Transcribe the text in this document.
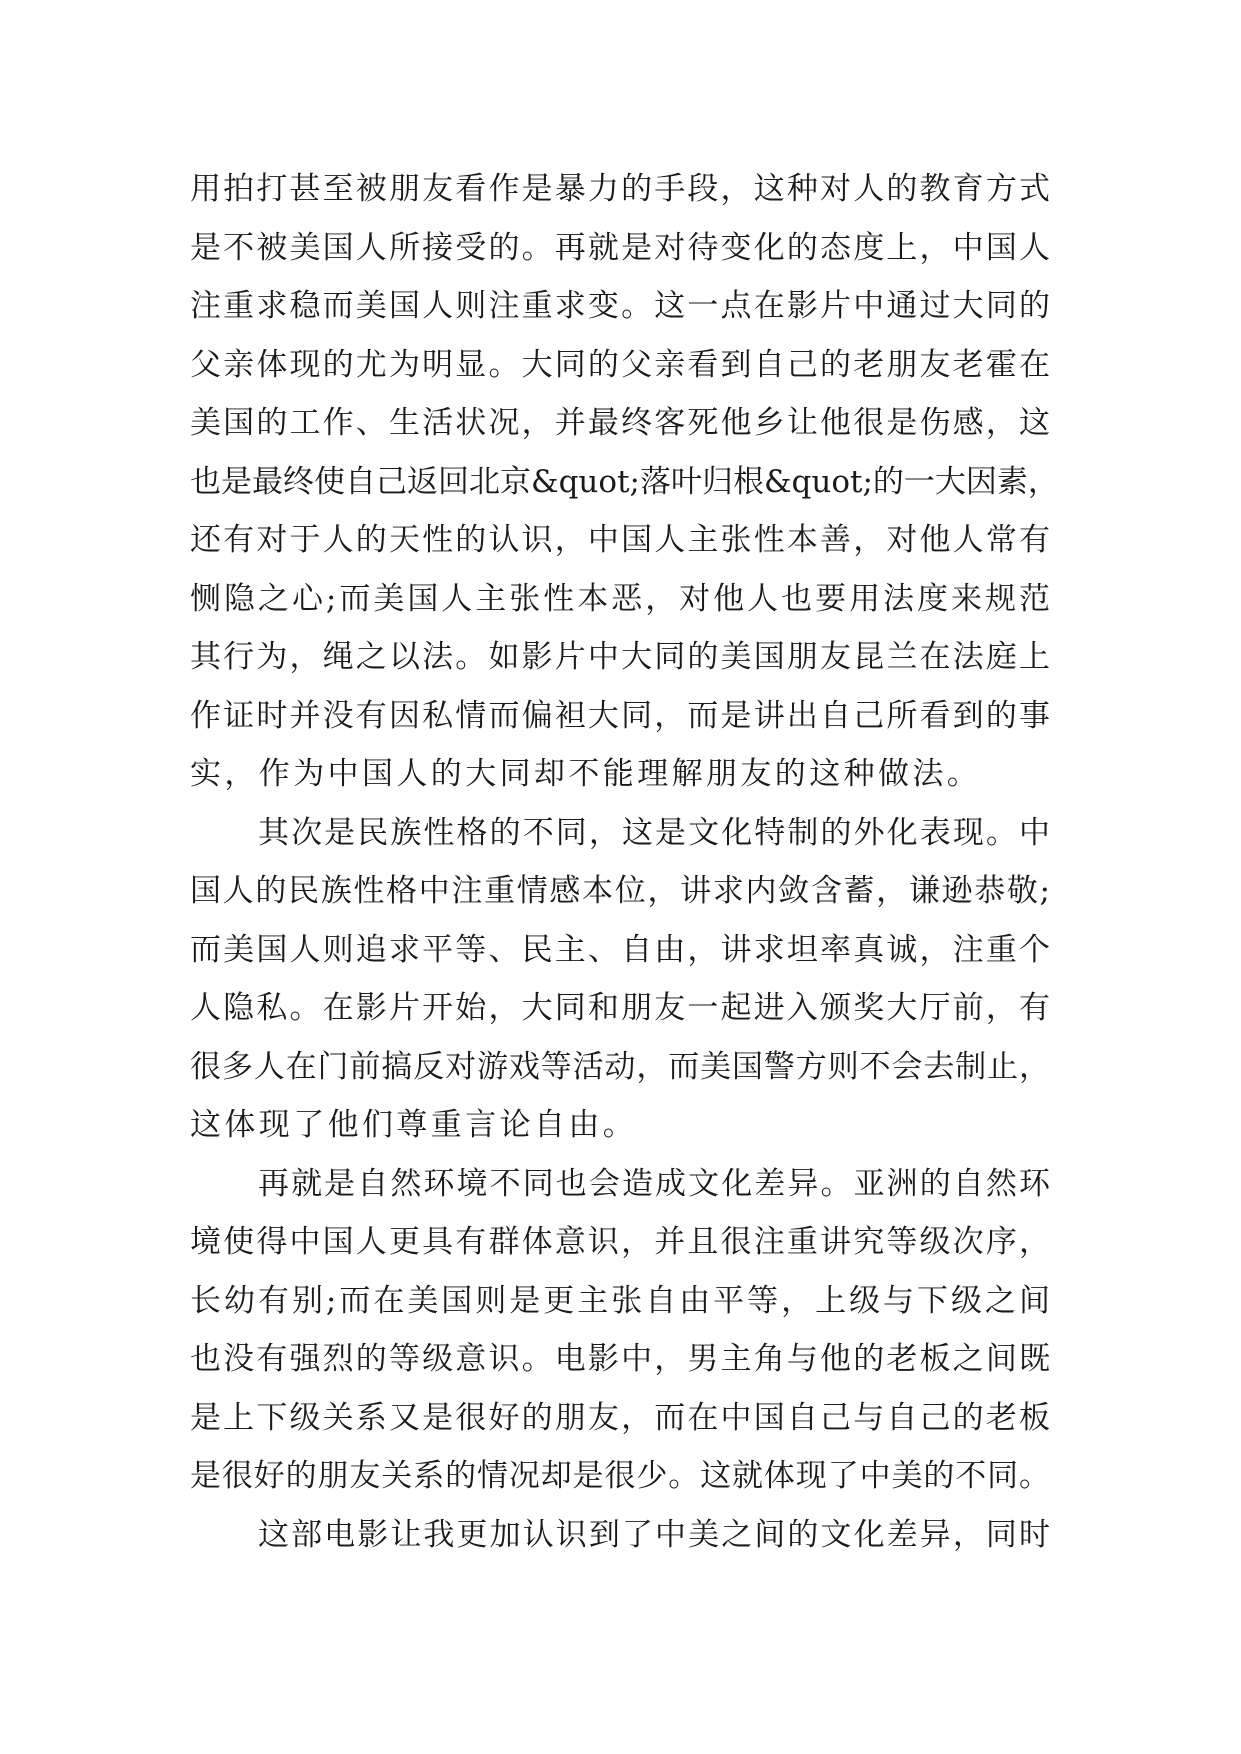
用拍打甚至被朋友看作是暴力的手段，这种对人的教育方式
是不被美国人所接受的。再就是对待变化的态度上，中国人
注重求稳而美国人则注重求变。这一点在影片中通过大同的
父亲体现的尤为明显。大同的父亲看到自己的老朋友老霍在
美国的工作、生活状况，并最终客死他乡让他很是伤感，这
也是最终使自己返回北京&quot;落叶归根&quot;的一大因素，
还有对于人的天性的认识，中国人主张性本善，对他人常有
恻隐之心;而美国人主张性本恶，对他人也要用法度来规范
其行为，绳之以法。如影片中大同的美国朋友昆兰在法庭上
作证时并没有因私情而偏袒大同，而是讲出自己所看到的事
实，作为中国人的大同却不能理解朋友的这种做法。
其次是民族性格的不同，这是文化特制的外化表现。中
国人的民族性格中注重情感本位，讲求内敛含蓄，谦逊恭敬;
而美国人则追求平等、民主、自由，讲求坦率真诚，注重个
人隐私。在影片开始，大同和朋友一起进入颁奖大厅前，有
很多人在门前搞反对游戏等活动，而美国警方则不会去制止，
这体现了他们尊重言论自由。
再就是自然环境不同也会造成文化差异。亚洲的自然环
境使得中国人更具有群体意识，并且很注重讲究等级次序，
长幼有别;而在美国则是更主张自由平等，上级与下级之间
也没有强烈的等级意识。电影中，男主角与他的老板之间既
是上下级关系又是很好的朋友，而在中国自己与自己的老板
是很好的朋友关系的情况却是很少。这就体现了中美的不同。
这部电影让我更加认识到了中美之间的文化差异，同时
